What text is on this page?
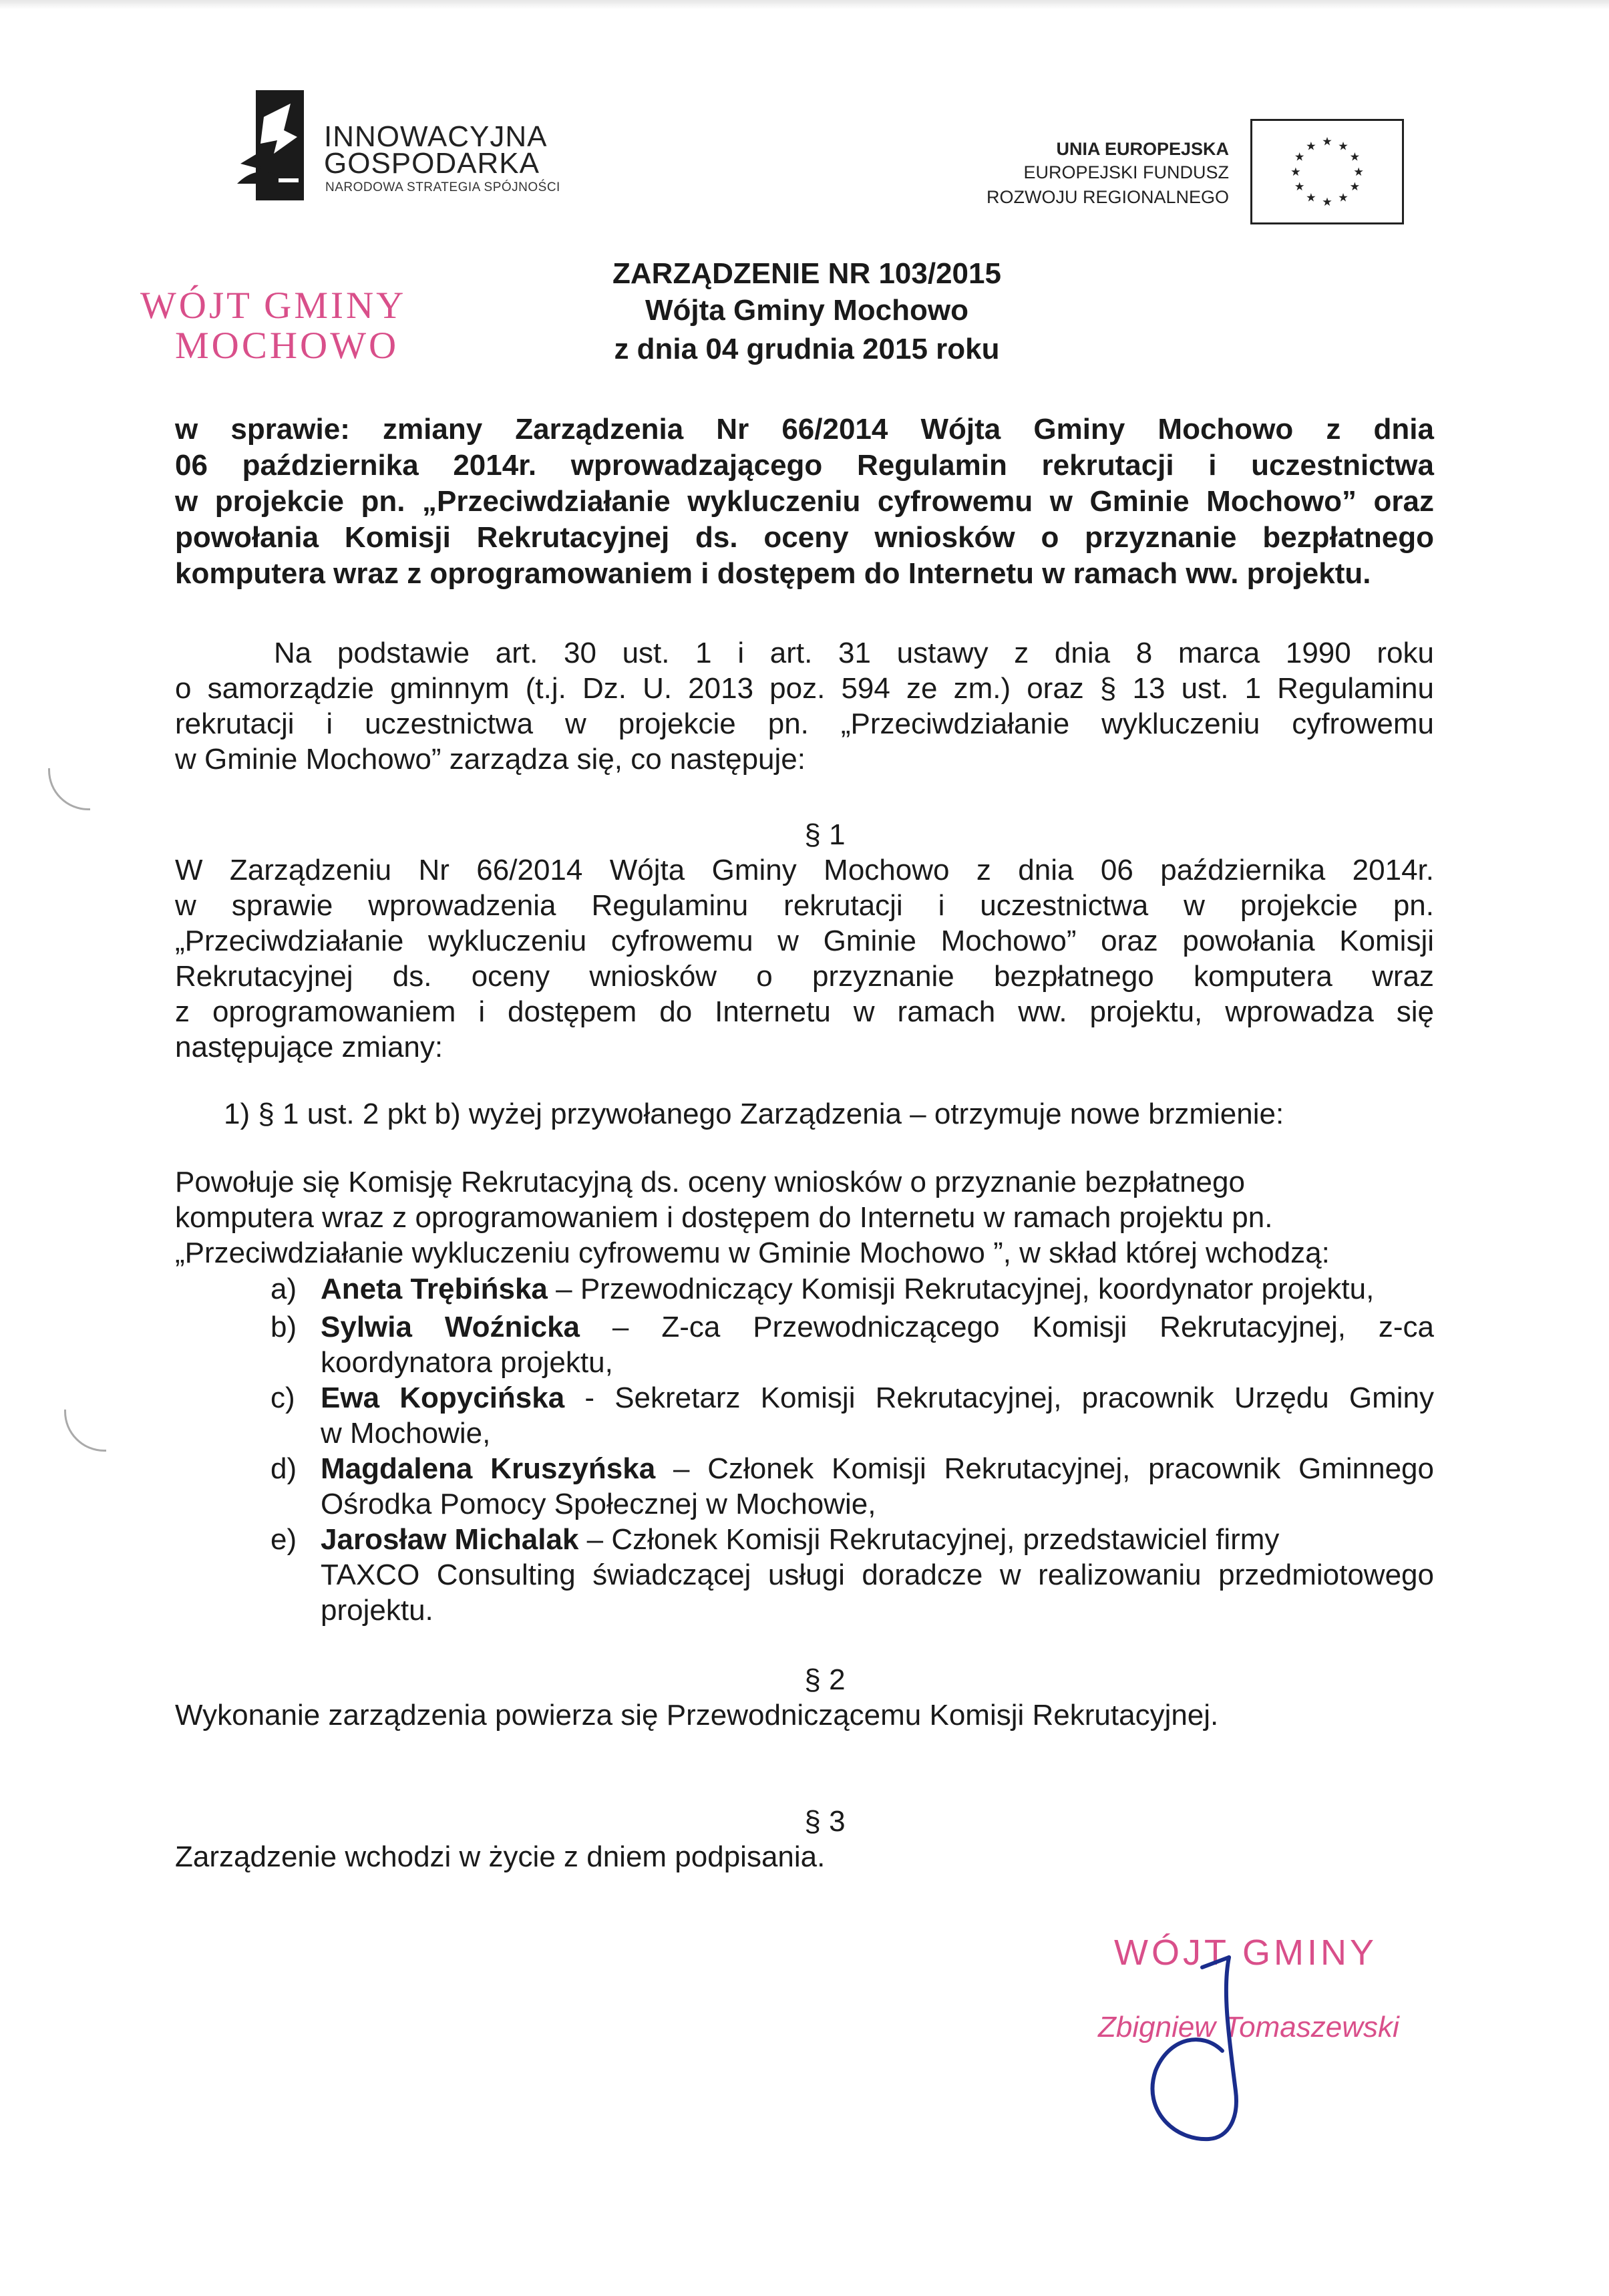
INNOWACYJNA
GOSPODARKA
NARODOWA STRATEGIA SPÓJNOŚCI
UNIA EUROPEJSKA
EUROPEJSKI FUNDUSZ
ROZWOJU REGIONALNEGO
★ ★
★
★
★
★
★
★
★
★
★
★
WÓJT GMINY
MOCHOWO
ZARZĄDZENIE NR 103/2015
Wójta Gminy Mochowo
z dnia 04 grudnia 2015 roku
w sprawie: zmiany Zarządzenia Nr 66/2014 Wójta Gminy Mochowo z dnia
06 października 2014r. wprowadzającego Regulamin rekrutacji i uczestnictwa
w projekcie pn. „Przeciwdziałanie wykluczeniu cyfrowemu w Gminie Mochowo” oraz
powołania Komisji Rekrutacyjnej ds. oceny wniosków o przyznanie bezpłatnego
komputera wraz z oprogramowaniem i dostępem do Internetu w ramach ww. projektu.
Na podstawie art. 30 ust. 1 i art. 31 ustawy z dnia 8 marca 1990 roku
o samorządzie gminnym (t.j. Dz. U. 2013 poz. 594 ze zm.) oraz § 13 ust. 1 Regulaminu
rekrutacji i uczestnictwa w projekcie pn. „Przeciwdziałanie wykluczeniu cyfrowemu
w Gminie Mochowo” zarządza się, co następuje:
§ 1
W Zarządzeniu Nr 66/2014 Wójta Gminy Mochowo z dnia 06 października 2014r.
w sprawie wprowadzenia Regulaminu rekrutacji i uczestnictwa w projekcie pn.
„Przeciwdziałanie wykluczeniu cyfrowemu w Gminie Mochowo” oraz powołania Komisji
Rekrutacyjnej ds. oceny wniosków o przyznanie bezpłatnego komputera wraz
z oprogramowaniem i dostępem do Internetu w ramach ww. projektu, wprowadza się
następujące zmiany:
1) § 1 ust. 2 pkt b) wyżej przywołanego Zarządzenia – otrzymuje nowe brzmienie:
Powołuje się Komisję Rekrutacyjną ds. oceny wniosków o przyznanie bezpłatnego
komputera wraz z oprogramowaniem i dostępem do Internetu w ramach projektu pn.
„Przeciwdziałanie wykluczeniu cyfrowemu w Gminie Mochowo ”, w skład której wchodzą:
a) Aneta Trębińska – Przewodniczący Komisji Rekrutacyjnej, koordynator projektu,
b) Sylwia Woźnicka – Z-ca Przewodniczącego Komisji Rekrutacyjnej, z-ca
koordynatora projektu,
c) Ewa Kopycińska - Sekretarz Komisji Rekrutacyjnej, pracownik Urzędu Gminy
w Mochowie,
d) Magdalena Kruszyńska – Członek Komisji Rekrutacyjnej, pracownik Gminnego
Ośrodka Pomocy Społecznej w Mochowie,
e) Jarosław Michalak – Członek Komisji Rekrutacyjnej, przedstawiciel firmy
TAXCO Consulting świadczącej usługi doradcze w realizowaniu przedmiotowego
projektu.
§ 2
Wykonanie zarządzenia powierza się Przewodniczącemu Komisji Rekrutacyjnej.
§ 3
Zarządzenie wchodzi w życie z dniem podpisania.
WÓJT GMINY
Zbigniew Tomaszewski
